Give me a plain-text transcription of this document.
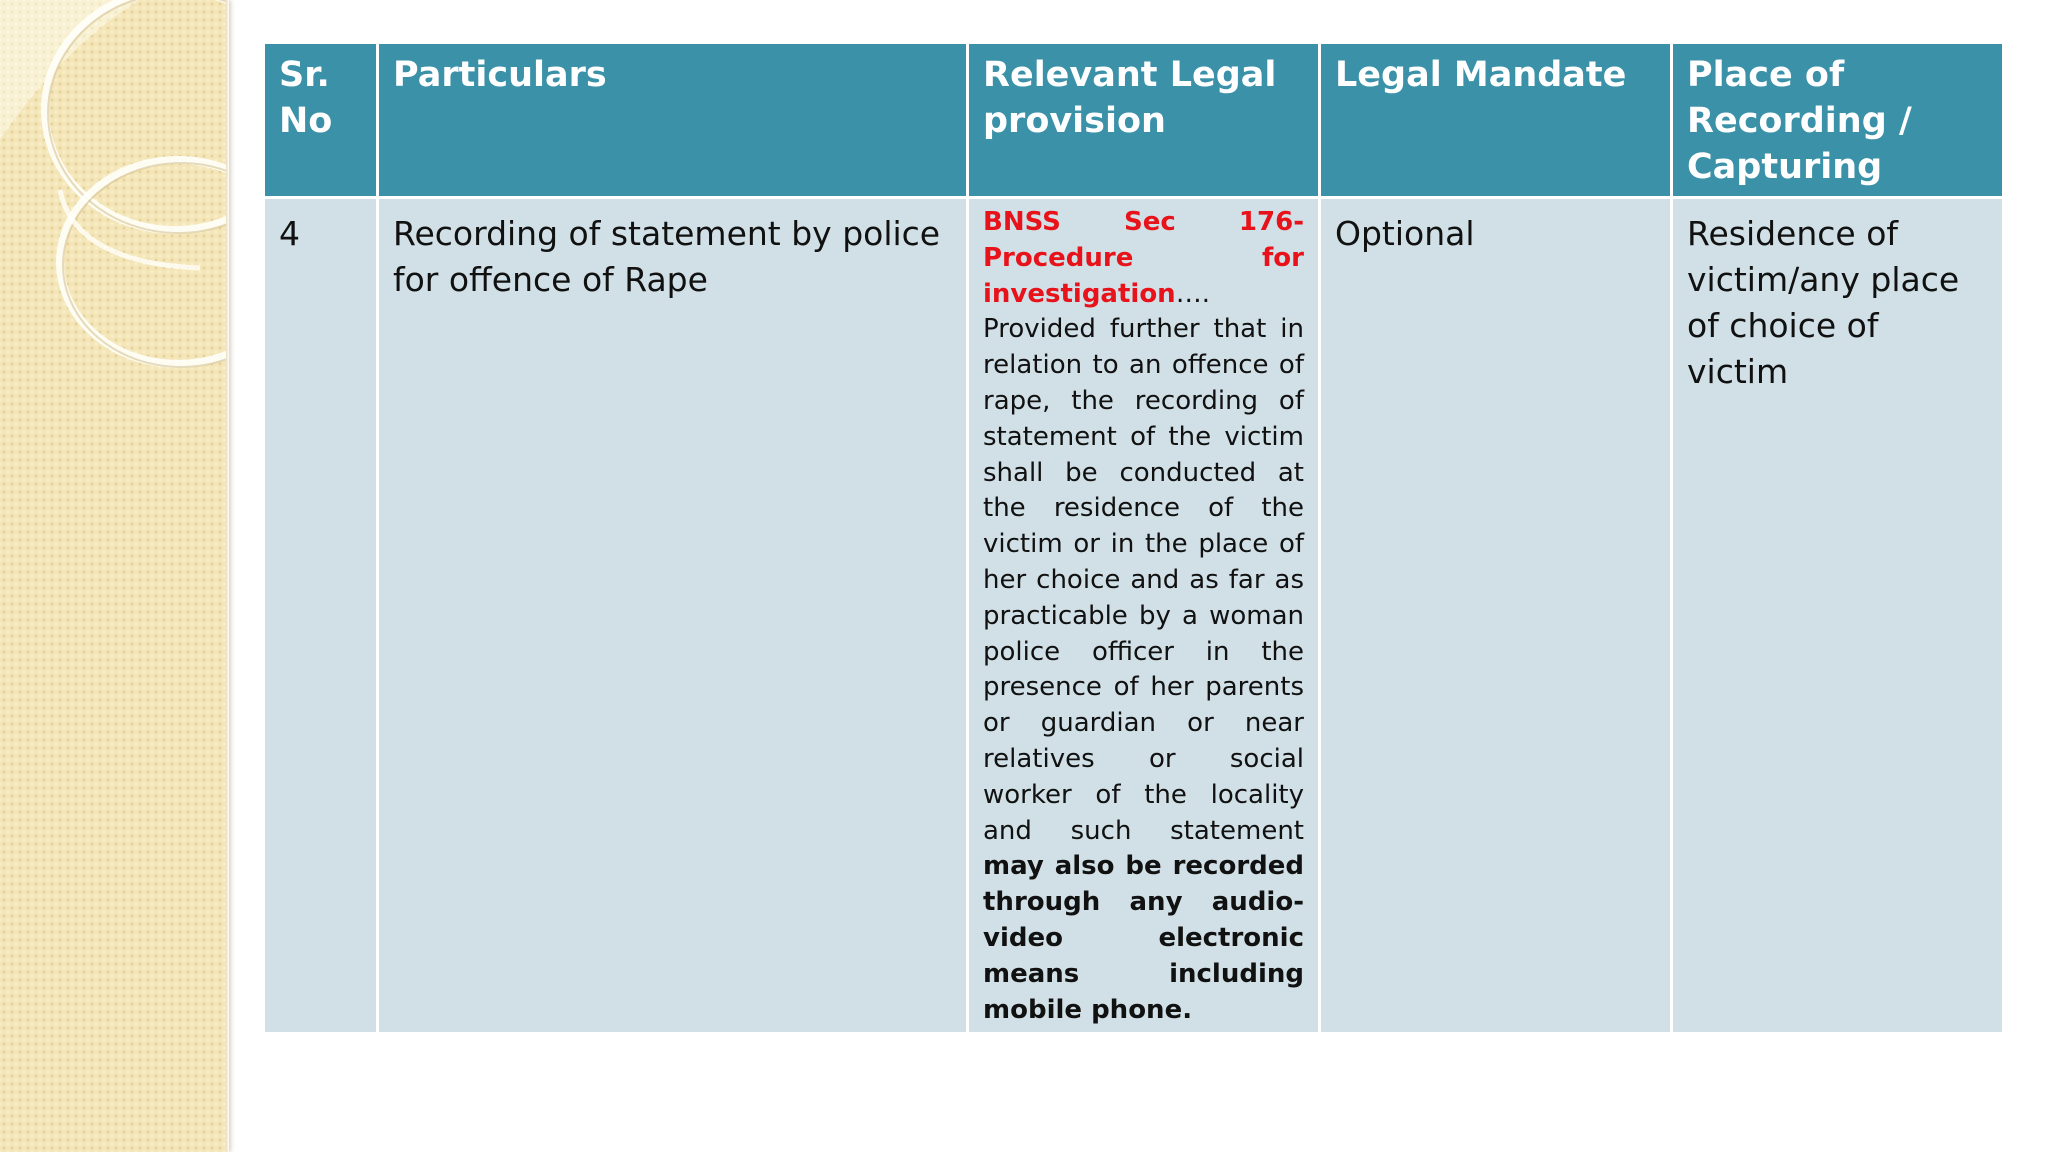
Sr. No	Particulars	Relevant Legal provision	Legal Mandate	Place of Recording / Capturing
4	Recording of statement by police for offence of Rape	BNSS Sec 176- Procedure for investigation….
Provided further that in relation to an offence of rape, the recording of statement of the victim shall be conducted at the residence of the victim or in the place of her choice and as far as practicable by a woman police officer in the presence of her parents or guardian or near relatives or social worker of the locality and such statement may also be recorded through any audio-video electronic means including mobile phone.	Optional	Residence of victim/any place of choice of victim
